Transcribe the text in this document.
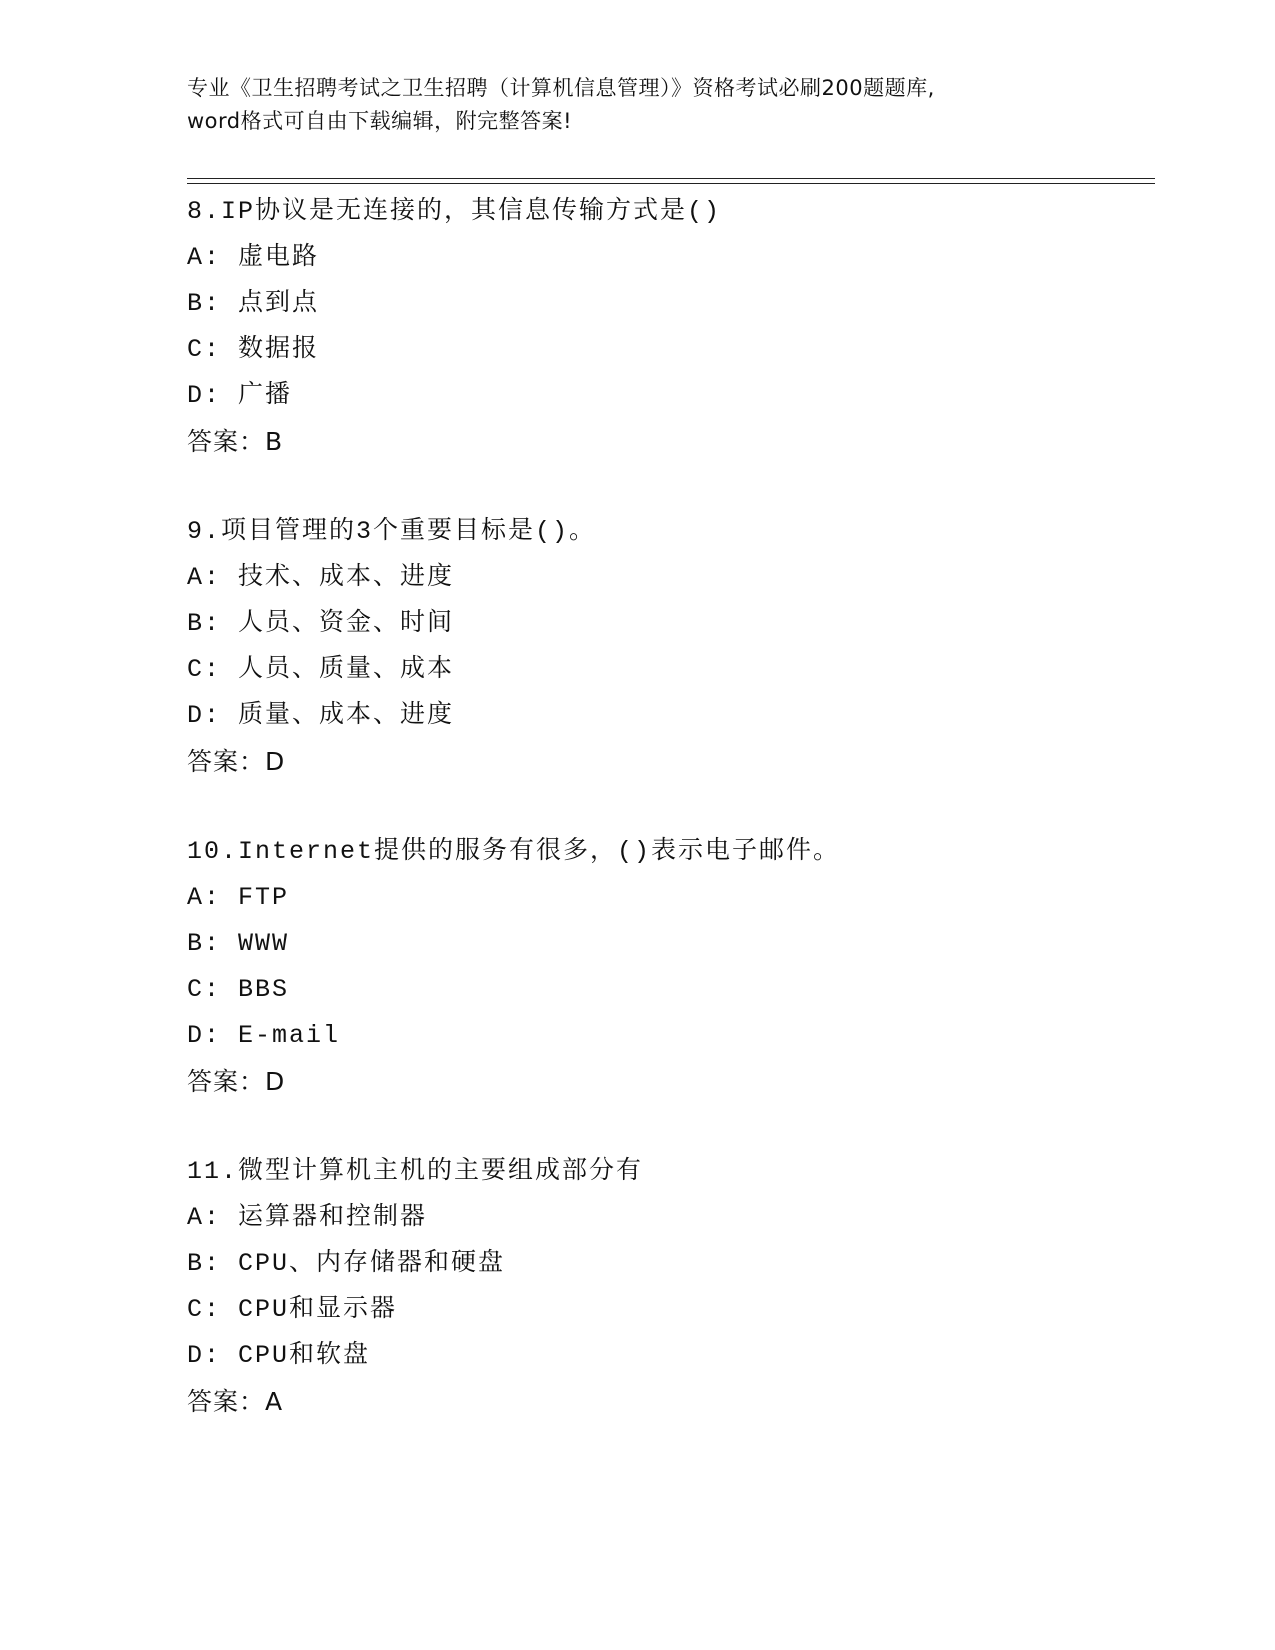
专业《卫生招聘考试之卫生招聘（计算机信息管理）》资格考试必刷200题题库,

word格式可自由下载编辑，附完整答案!

8.IP协议是无连接的，其信息传输方式是()
A: 虚电路
B: 点到点
C: 数据报
D: 广播
答案：B
9.项目管理的3个重要目标是()。
A: 技术、成本、进度
B: 人员、资金、时间
C: 人员、质量、成本
D: 质量、成本、进度
答案：D
10.Internet提供的服务有很多，()表示电子邮件。
A: FTP
B: WWW
C: BBS
D: E-mail
答案：D
11.微型计算机主机的主要组成部分有
A: 运算器和控制器
B: CPU、内存储器和硬盘
C: CPU和显示器
D: CPU和软盘
答案：A
